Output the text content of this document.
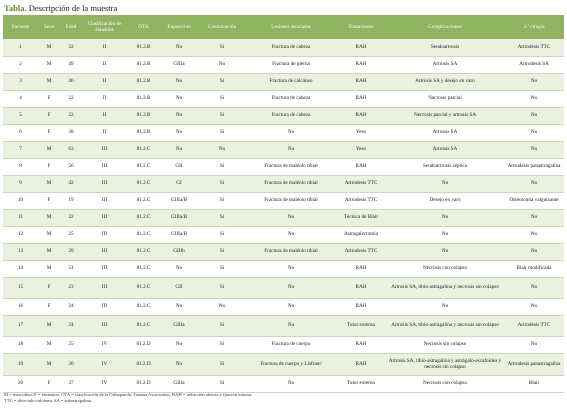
Tabla. Descripción de la muestra
Paciente	Sexo	Edad	Clasificación de Hawkins	OTA	Exposición	Conminución	Lesiones asociadas	Tratamiento	Complicaciones	2.ª cirugía
1	M	32	II	81.2.B	No	Sí	Fractura de cabeza	RAH	Seudoartrosis	Artrodesis TTC
2	M	49	II	81.2.B	GIIIa	No	Fractura de pierna	RAH	Artrosis SA	Artrodesis SA
3	M	46	II	81.2.B	No	Sí	Fractura de calcáneo	RAH	Artrosis SA y desejo en varo	No
4	F	22	II	81.2.B	No	Sí	Fractura de cabeza	RAH	Necrosis parcial	No
5	F	22	II	81.2.B	No	Sí	Fractura de cabeza	RAH	Necrosis parcial y artrosis SA	No
6	F	38	II	81.2.B	No	Sí	No	Yeso	Artrosis SA	No
7	M	63	III	81.2.C	No	No	No	Yeso	Artrosis SA	No
8	F	56	III	81.2.C	GII	Sí	Fractura de maléolo tibial	RAH	Seudoartrosis séptica	Artrodesis panastragalina
9	M	42	III	81.2.C	GI	Sí	Fractura de maléolo tibial	Artrodesis TTC	No	No
10	F	19	III	81.2.C	GIIIa/B	Sí	Fractura de maléolo tibial	Artrodesis TTC	Desejo en varo	Osteotomía valguizante
11	M	32	III	81.2.C	GIIIa/B	Sí	No	Técnica de Blair	No	No
12	M	25	III	81.2.C	GIIIa/B	Sí	No	Astragalectomía	No	No
13	M	39	III	81.2.C	GIIIb	Sí	Fractura de maléolo tibial	Artrodesis TTC	No	No
14	M	51	III	81.2.C	No	Sí	No	RAH	Necrosis con colapso	Blair modificada
15	F	23	III	81.2.C	GII	Sí	No	RAH	Artrosis SA, tibio-astragalina y necrosis sin colapso	No
16	F	24	III	81.2.C	No	No	No	RAH	No	No
17	M	24	III	81.2.C	GIIIa	Sí	No	Tutor externo	Artrosis SA, tibio-astragalina y necrosis sin colapso	Artrodesis TTC
18	M	25	IV	81.2.D	No	Sí	Fractura de cuerpo	RAH	Necrosis sin colapso	No
19	M	30	IV	81.2.D	No	Sí	Fractura de cuerpo y Lisfranc	RAH	Artrosis SA, tibio-astragalina y astrágalo-escafoidea y necrosis sin colapso	Artrodesis panastragalina
20	F	37	IV	81.2.D	GIIIa	Sí	No	Tutor externo	Necrosis con colapso	Blair
M = masculino, F = femenino, OTA = clasificación de la Orthopaedic Trauma Association, RAH = reducción abierta y fijación interna,
TTC = tibio-talo-calcánea, SA = subastragalina.
